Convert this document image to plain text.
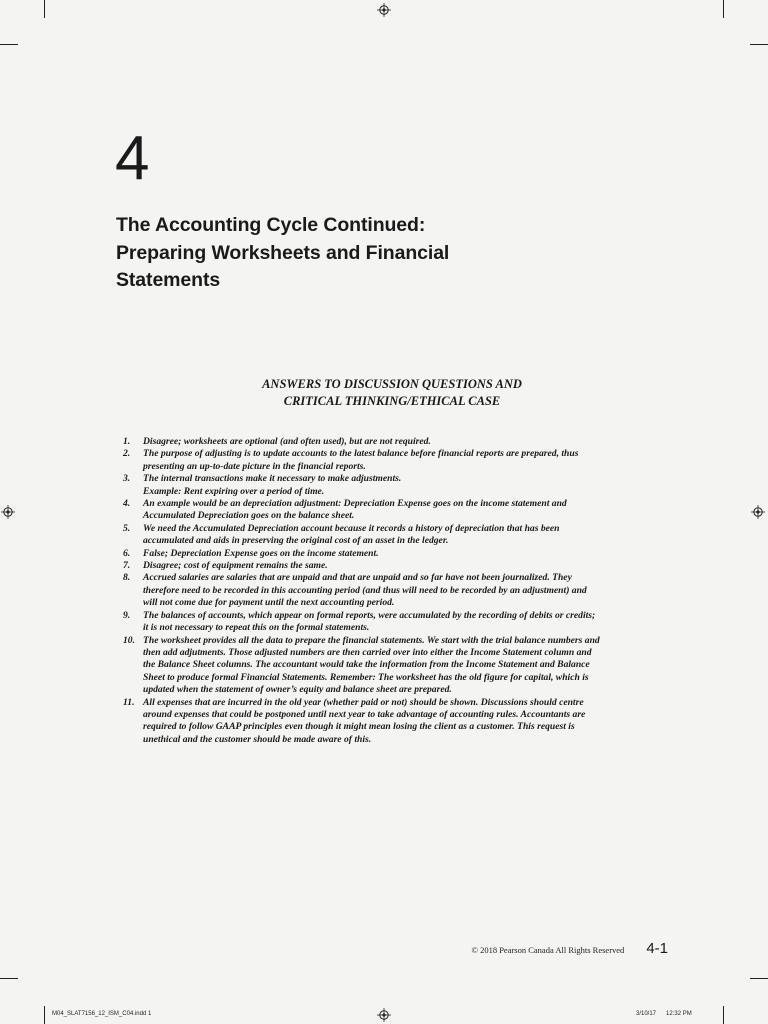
4
The Accounting Cycle Continued:
Preparing Worksheets and Financial
Statements
ANSWERS TO DISCUSSION QUESTIONS AND
CRITICAL THINKING/ETHICAL CASE
1.	Disagree; worksheets are optional (and often used), but are not required.
2.	The purpose of adjusting is to update accounts to the latest balance before financial reports are prepared, thus
presenting an up-to-date picture in the financial reports.
3.	The internal transactions make it necessary to make adjustments.
Example: Rent expiring over a period of time.
4.	An example would be an depreciation adjustment: Depreciation Expense goes on the income statement and
Accumulated Depreciation goes on the balance sheet.
5.	We need the Accumulated Depreciation account because it records a history of depreciation that has been
accumulated and aids in preserving the original cost of an asset in the ledger.
6.	False; Depreciation Expense goes on the income statement.
7.	Disagree; cost of equipment remains the same.
8.	Accrued salaries are salaries that are unpaid and that are unpaid and so far have not been journalized. They
therefore need to be recorded in this accounting period (and thus will need to be recorded by an adjustment) and
will not come due for payment until the next accounting period.
9.	The balances of accounts, which appear on formal reports, were accumulated by the recording of debits or credits;
it is not necessary to repeat this on the formal statements.
10. The worksheet provides all the data to prepare the financial statements. We start with the trial balance numbers and
then add adjutments. Those adjusted numbers are then carried over into either the Income Statement column and
the Balance Sheet columns. The accountant would take the information from the Income Statement and Balance
Sheet to produce formal Financial Statements. Remember: The worksheet has the old figure for capital, which is
updated when the statement of owner’s equity and balance sheet are prepared.
11. All expenses that are incurred in the old year (whether paid or not) should be shown. Discussions should centre
around expenses that could be postponed until next year to take advantage of accounting rules. Accountants are
required to follow GAAP principles even though it might mean losing the client as a customer. This request is
unethical and the customer should be made aware of this.
© 2018 Pearson Canada All Rights Reserved 4-1
M04_SLAT7156_12_ISM_C04.indd 1	3/10/17 12:32 PM
